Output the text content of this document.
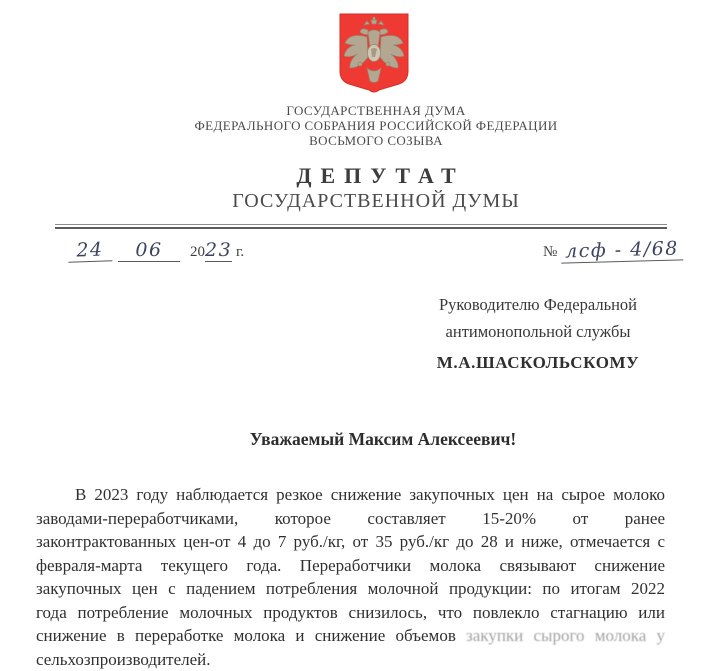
ГОСУДАРСТВЕННАЯ ДУМА
ФЕДЕРАЛЬНОГО СОБРАНИЯ РОССИЙСКОЙ ФЕДЕРАЦИИ
ВОСЬМОГО СОЗЫВА
ДЕПУТАТ
ГОСУДАРСТВЕННОЙ ДУМЫ
24	06	2023 г.	№ лсф - 4/68
Руководителю Федеральной
антимонопольной службы
М.А.ШАСКОЛЬСКОМУ
Уважаемый Максим Алексеевич!
В 2023 году наблюдается резкое снижение закупочных цен на сырое молоко
заводами-переработчиками, которое составляет 15-20% от ранее
законтрактованных цен-от 4 до 7 руб./кг, от 35 руб./кг до 28 и ниже, отмечается с
февраля-марта текущего года. Переработчики молока связывают снижение
закупочных цен с падением потребления молочной продукции: по итогам 2022
года потребление молочных продуктов снизилось, что повлекло стагнацию или
снижение в переработке молока и снижение объемов закупки сырого молока у
сельхозпроизводителей.
